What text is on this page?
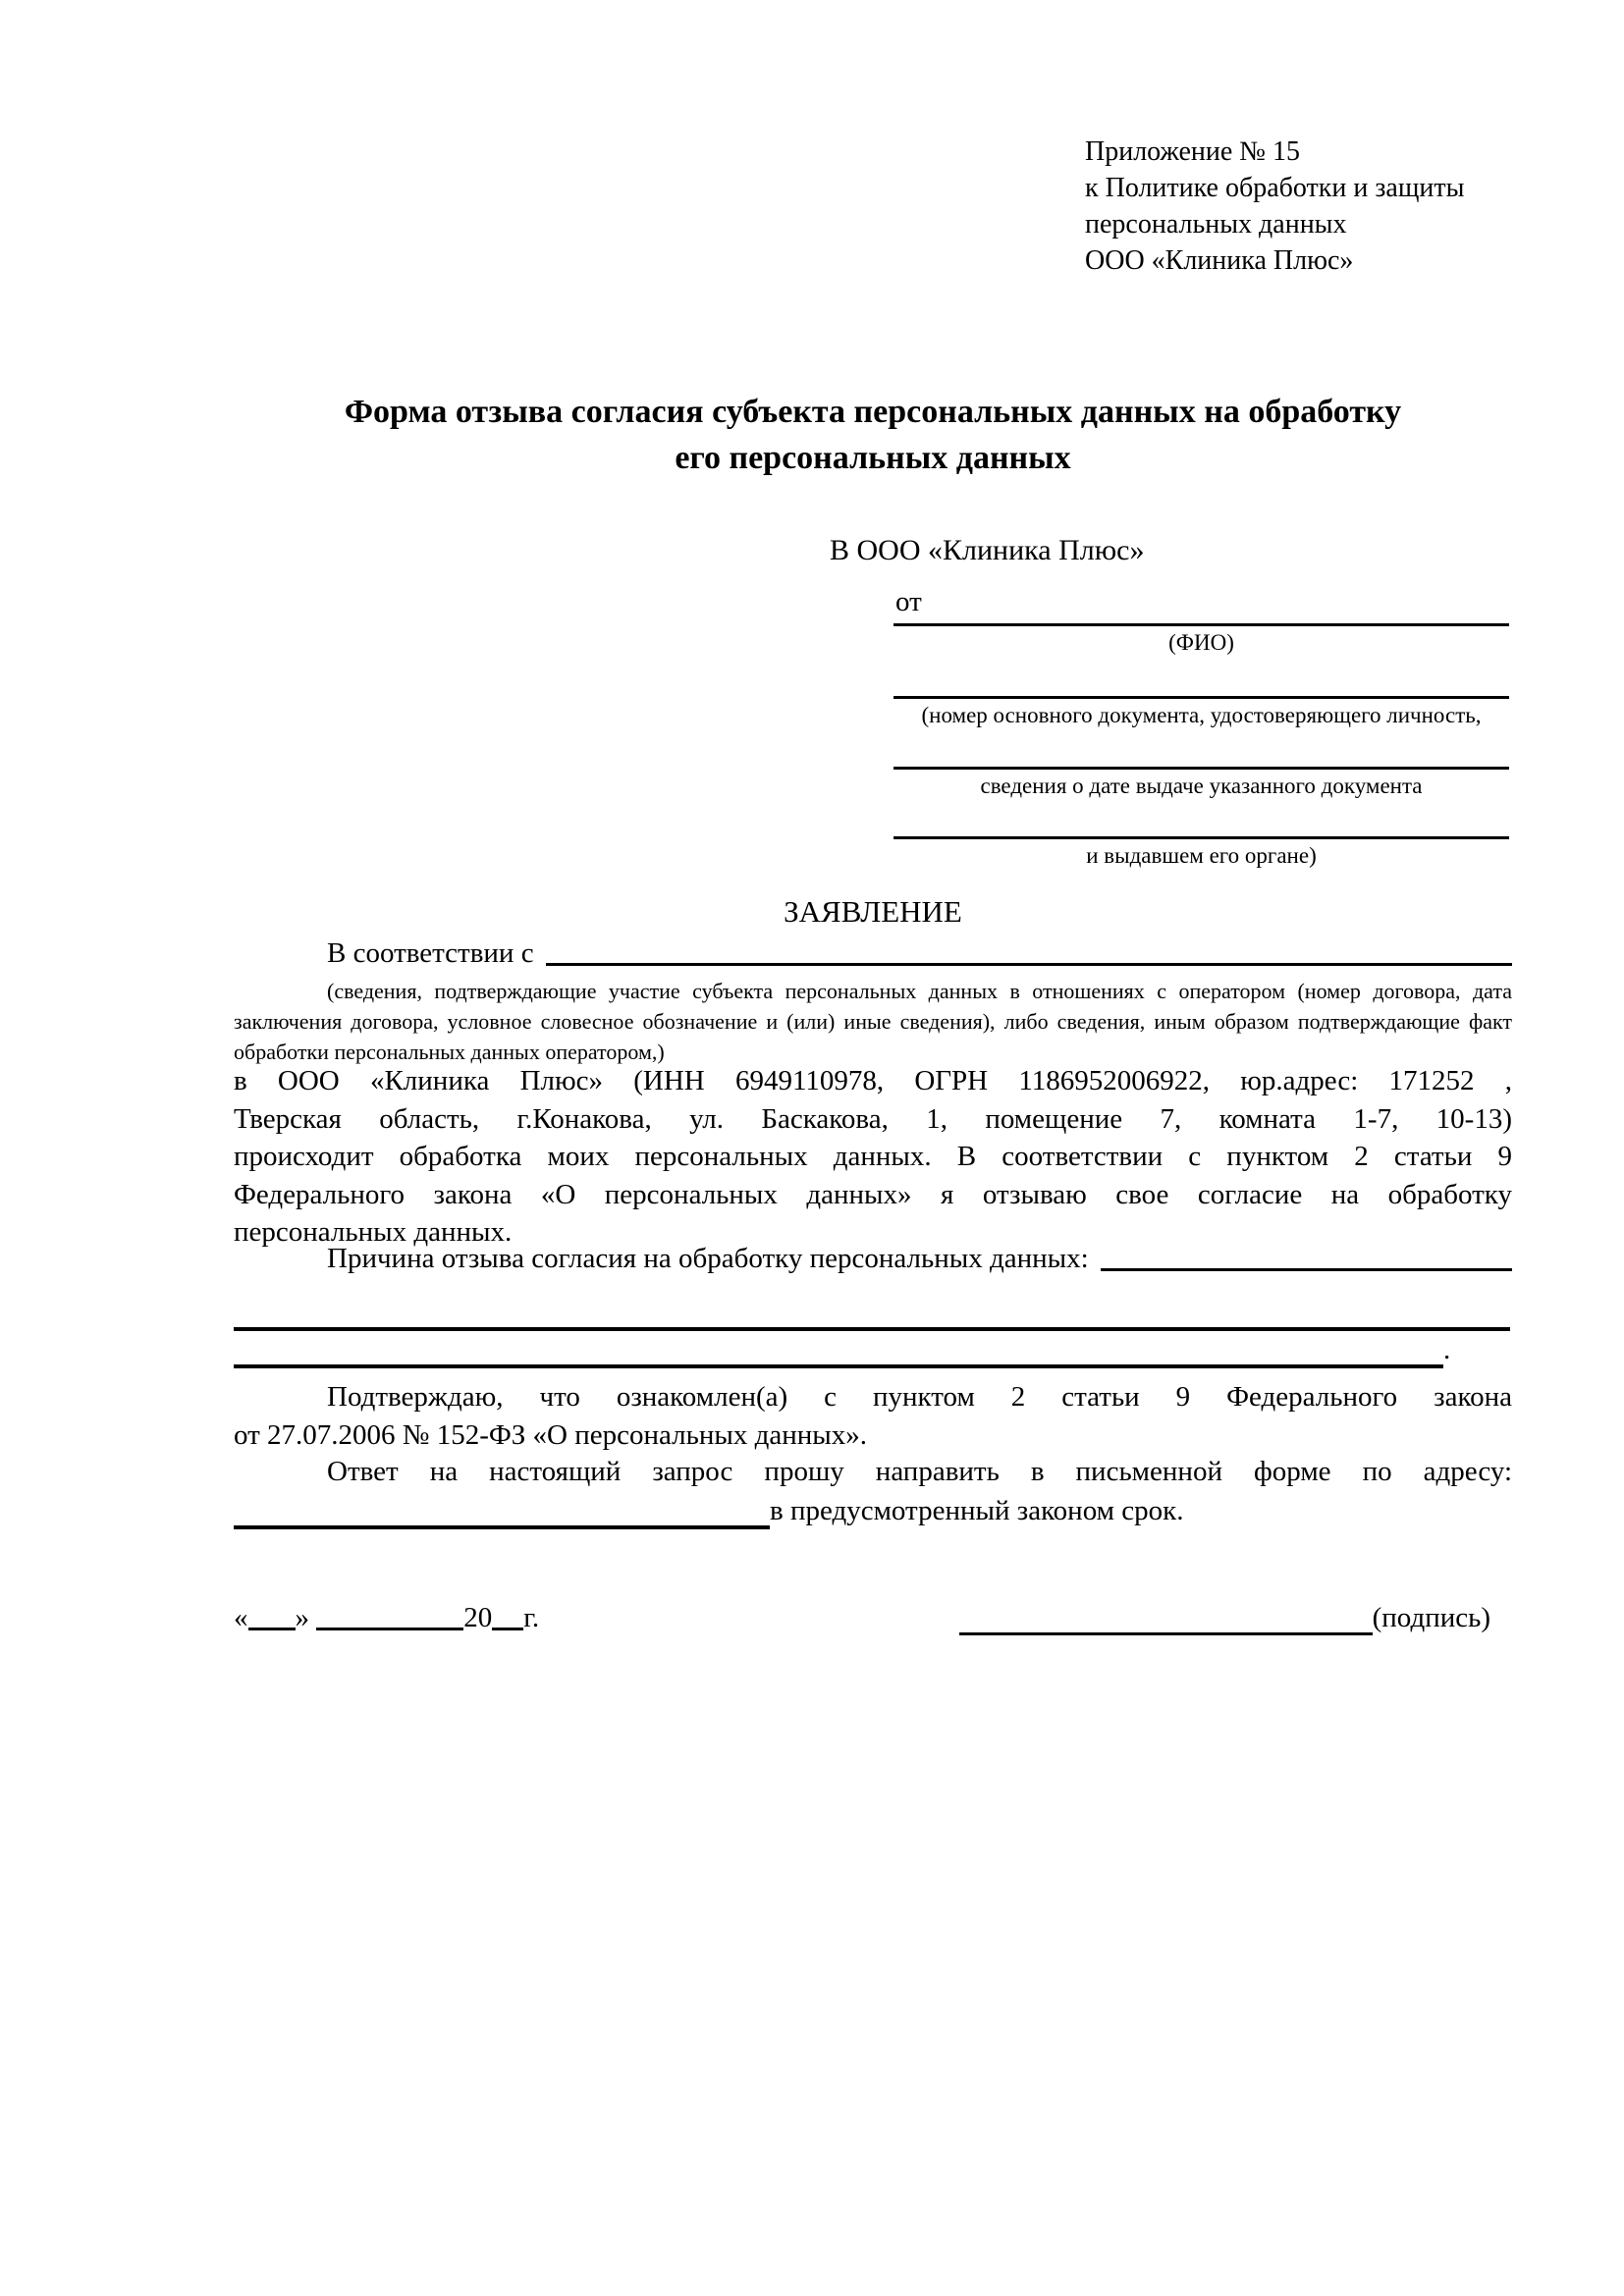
Приложение № 15
к Политике обработки и защиты
персональных данных
ООО «Клиника Плюс»
Форма отзыва согласия субъекта персональных данных на обработку
его персональных данных
В ООО «Клиника Плюс»
от
(ФИО)
(номер основного документа, удостоверяющего личность,
сведения о дате выдаче указанного документа
и выдавшем его органе)
ЗАЯВЛЕНИЕ
В соответствии с
(сведения, подтверждающие участие субъекта персональных данных в отношениях с оператором (номер договора, дата
заключения договора, условное словесное обозначение и (или) иные сведения), либо сведения, иным образом подтверждающие факт
обработки персональных данных оператором,)
в ООО «Клиника Плюс» (ИНН 6949110978, ОГРН 1186952006922, юр.адрес: 171252 ,
Тверская область, г.Конакова, ул. Баскакова, 1, помещение 7, комната 1-7, 10-13)
происходит обработка моих персональных данных. В соответствии с пунктом 2 статьи 9
Федерального закона «О персональных данных» я отзываю свое согласие на обработку
персональных данных.
Причина отзыва согласия на обработку персональных данных:
.
Подтверждаю, что ознакомлен(а) с пунктом 2 статьи 9 Федерального закона
от 27.07.2006 № 152-ФЗ «О персональных данных».
Ответ на настоящий запрос прошу направить в письменной форме по адресу:
в предусмотренный законом срок.
« »	20 г.	(подпись)
